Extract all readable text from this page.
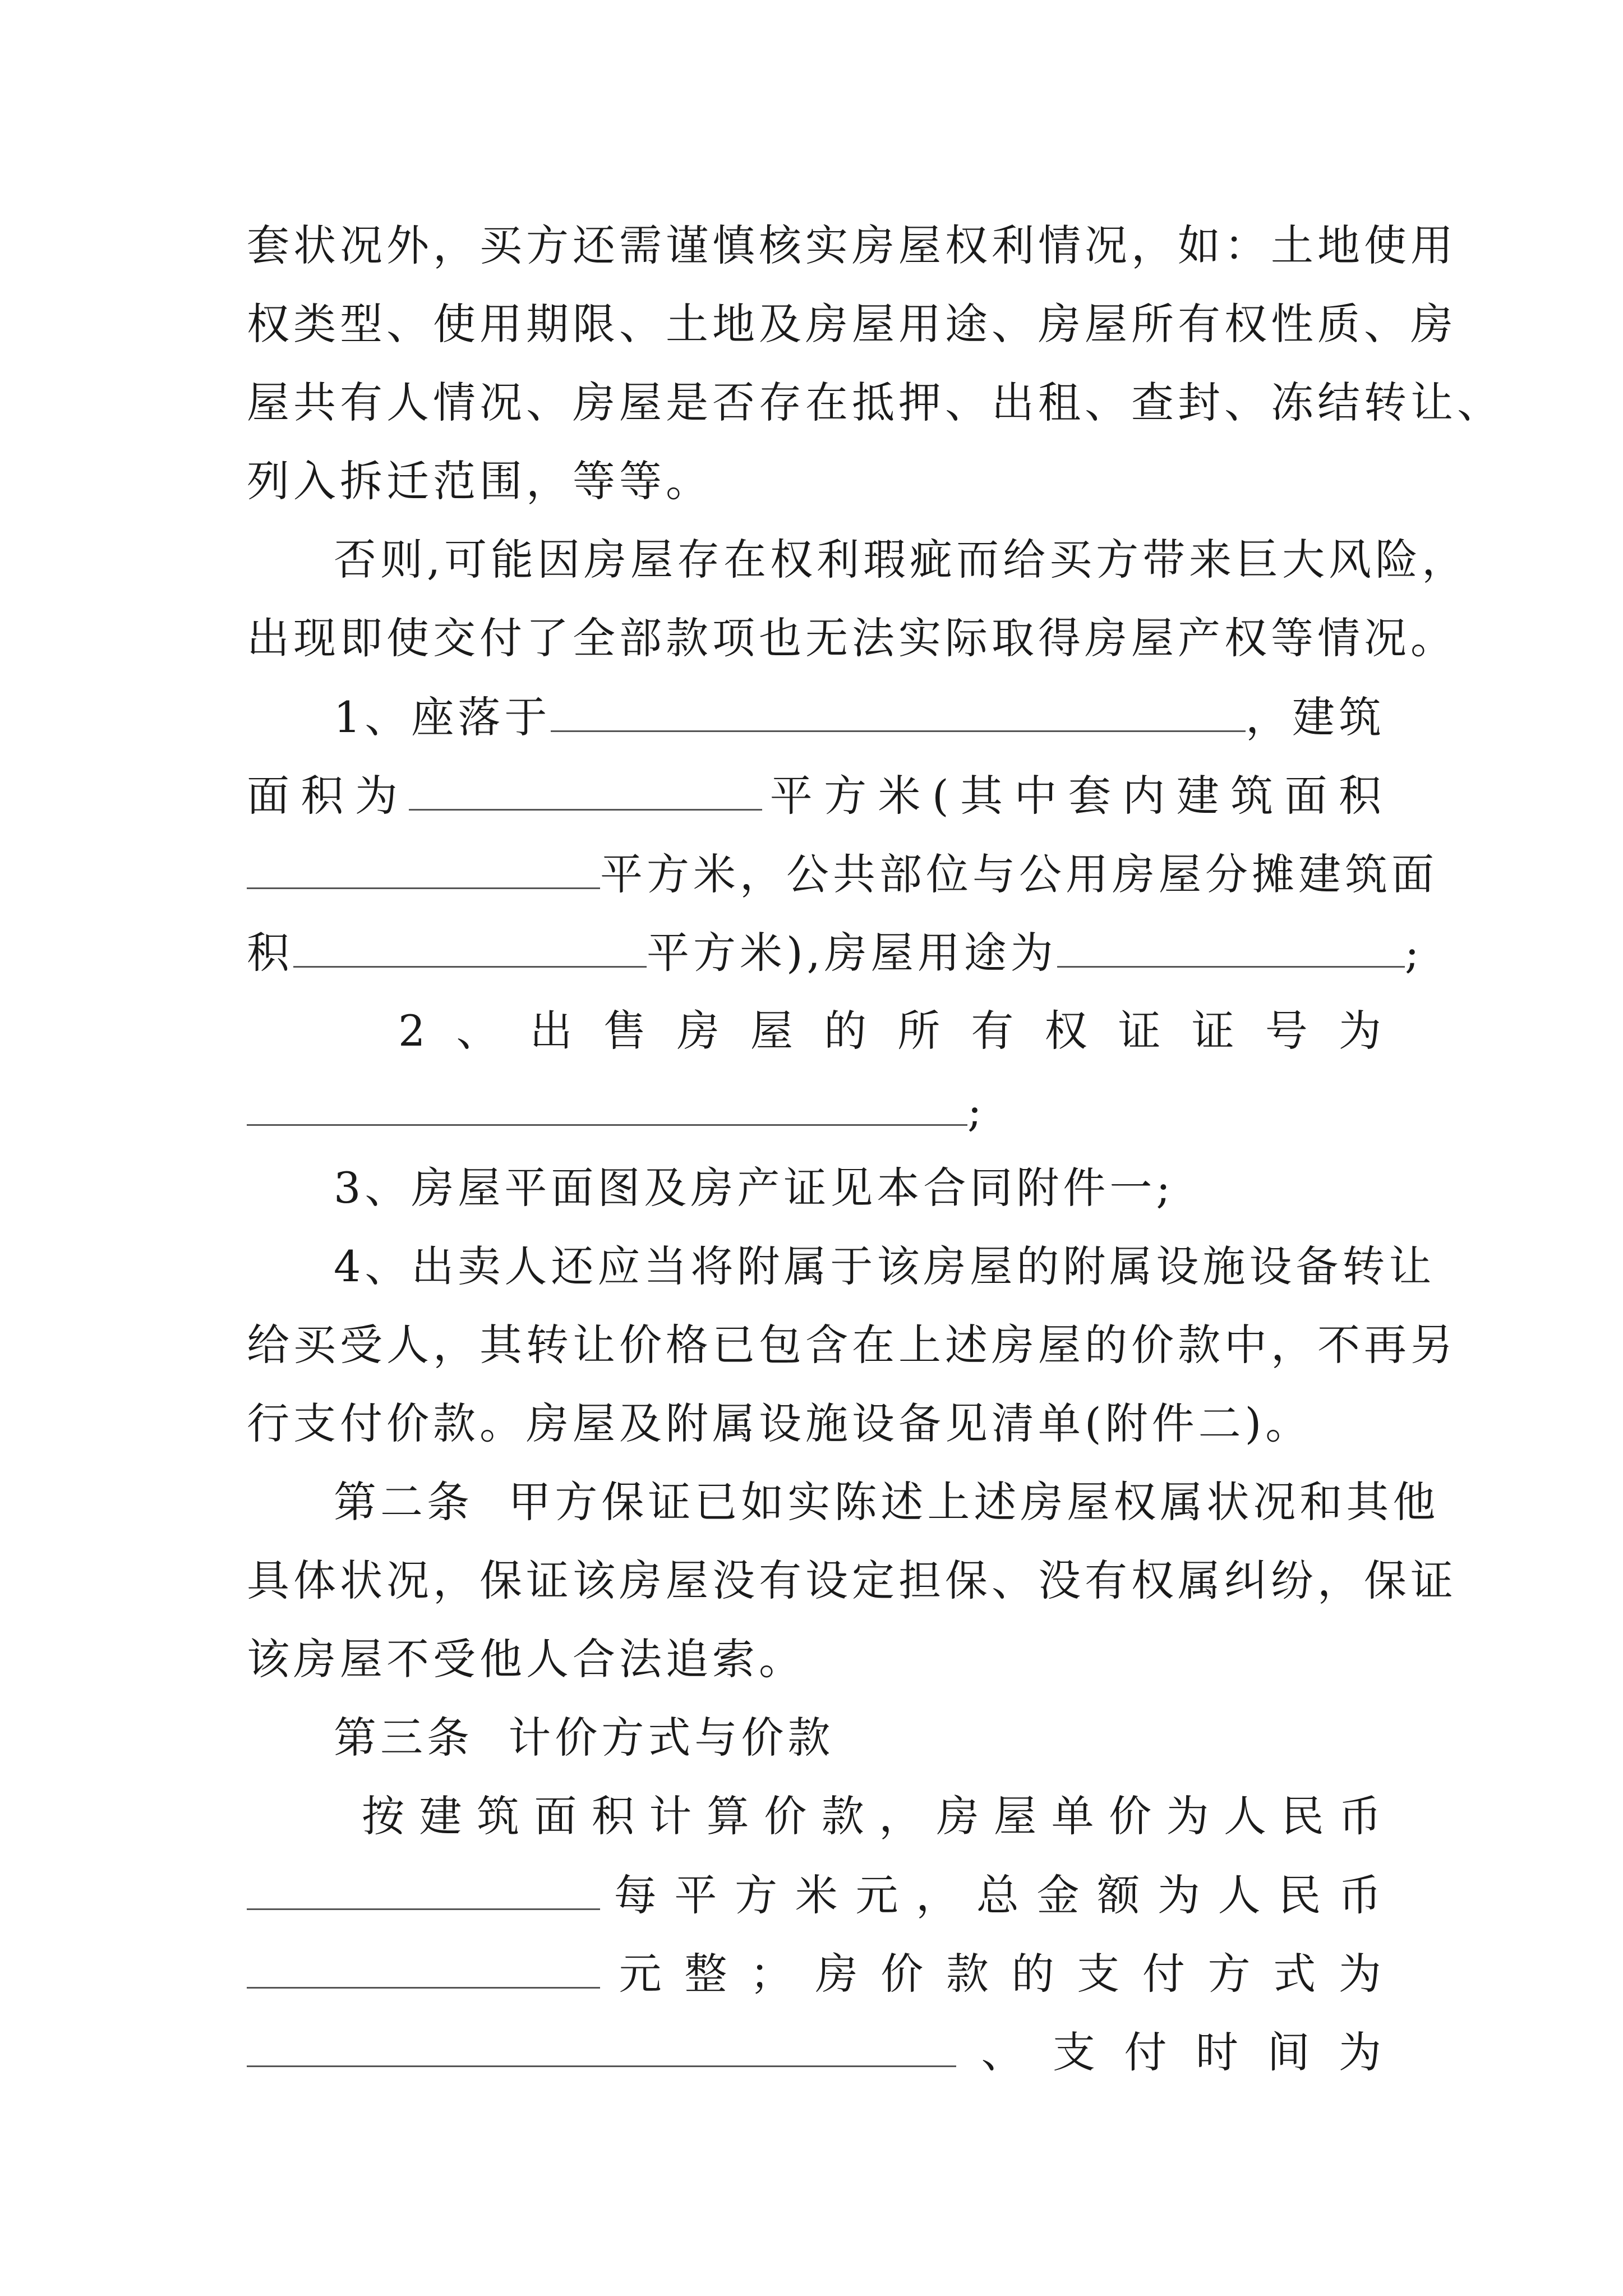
套状况外，买方还需谨慎核实房屋权利情况，如：土地使用
权类型、使用期限、土地及房屋用途、房屋所有权性质、房
屋共有人情况、房屋是否存在抵押、出租、查封、冻结转让、
列入拆迁范围，等等。
否则,可能因房屋存在权利瑕疵而给买方带来巨大风险，
出现即使交付了全部款项也无法实际取得房屋产权等情况。
1、座落于	，建筑
面 积 为	平 方 米 ( 其 中 套 内 建 筑 面 积
平方米，公共部位与公用房屋分摊建筑面
积	平方米),房屋用途为	;
2 、 出 售 房 屋 的 所 有 权 证 证 号 为
;
3、房屋平面图及房产证见本合同附件一;
4、出卖人还应当将附属于该房屋的附属设施设备转让
给买受人，其转让价格已包含在上述房屋的价款中，不再另
行支付价款。房屋及附属设施设备见清单(附件二)。
第二条  甲方保证已如实陈述上述房屋权属状况和其他
具体状况，保证该房屋没有设定担保、没有权属纠纷，保证
该房屋不受他人合法追索。
第三条  计价方式与价款
按 建 筑 面 积 计 算 价 款 ， 房 屋 单 价 为 人 民 币
每 平 方 米 元 ， 总 金 额 为 人 民 币
元 整 ； 房 价 款 的 支 付 方 式 为
、 支 付 时 间 为
